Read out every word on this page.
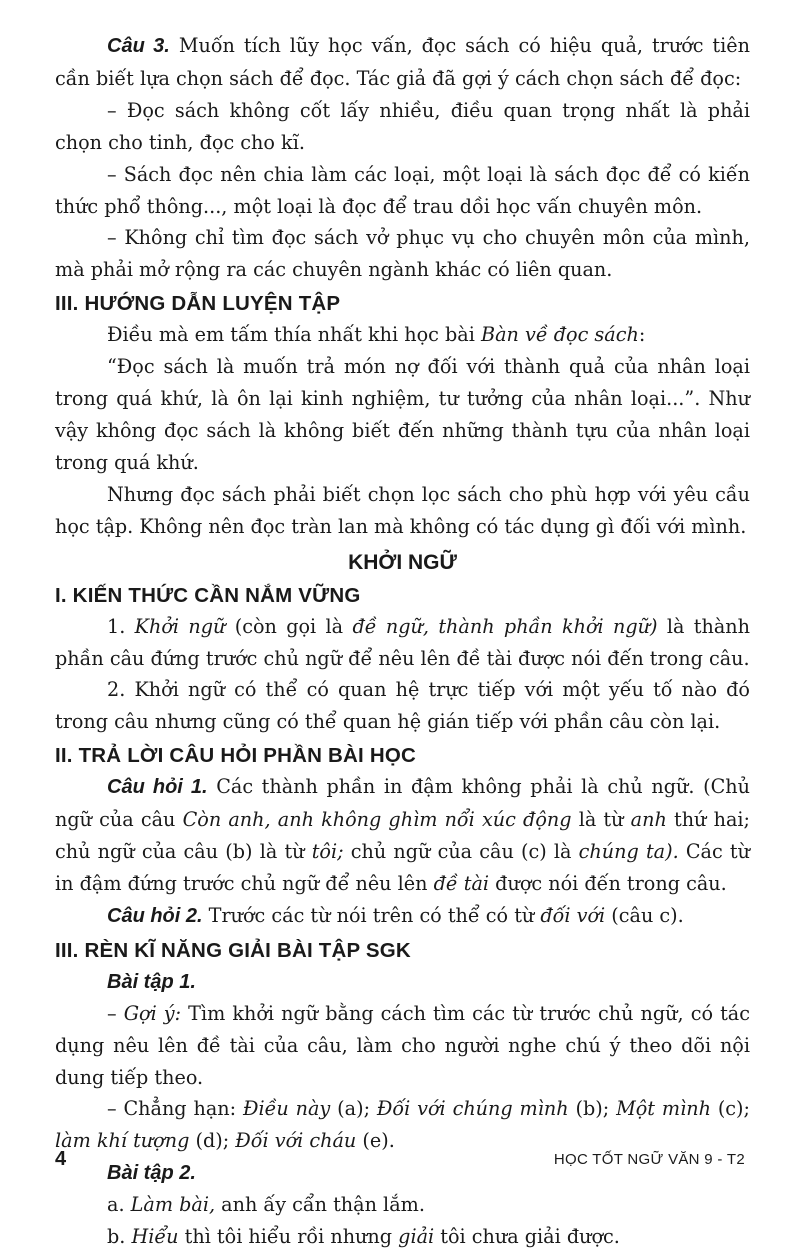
Câu 3. Muốn tích lũy học vấn, đọc sách có hiệu quả, trước tiên cần biết lựa chọn sách để đọc. Tác giả đã gợi ý cách chọn sách để đọc:

– Đọc sách không cốt lấy nhiều, điều quan trọng nhất là phải chọn cho tinh, đọc cho kĩ.

– Sách đọc nên chia làm các loại, một loại là sách đọc để có kiến thức phổ thông..., một loại là đọc để trau dồi học vấn chuyên môn.

– Không chỉ tìm đọc sách vở phục vụ cho chuyên môn của mình, mà phải mở rộng ra các chuyên ngành khác có liên quan.

III. HƯỚNG DẪN LUYỆN TẬP

Điều mà em tấm thía nhất khi học bài Bàn về đọc sách:

“Đọc sách là muốn trả món nợ đối với thành quả của nhân loại trong quá khứ, là ôn lại kinh nghiệm, tư tưởng của nhân loại...”. Như vậy không đọc sách là không biết đến những thành tựu của nhân loại trong quá khứ.

Nhưng đọc sách phải biết chọn lọc sách cho phù hợp với yêu cầu học tập. Không nên đọc tràn lan mà không có tác dụng gì đối với mình.

KHỞI NGỮ
I. KIẾN THỨC CẦN NẮM VỮNG

1. Khởi ngữ (còn gọi là đề ngữ, thành phần khởi ngữ) là thành phần câu đứng trước chủ ngữ để nêu lên đề tài được nói đến trong câu.

2. Khởi ngữ có thể có quan hệ trực tiếp với một yếu tố nào đó trong câu nhưng cũng có thể quan hệ gián tiếp với phần câu còn lại.

II. TRẢ LỜI CÂU HỎI PHẦN BÀI HỌC

Câu hỏi 1. Các thành phần in đậm không phải là chủ ngữ. (Chủ ngữ của câu Còn anh, anh không ghìm nổi xúc động là từ anh thứ hai; chủ ngữ của câu (b) là từ tôi; chủ ngữ của câu (c) là chúng ta). Các từ in đậm đứng trước chủ ngữ để nêu lên đề tài được nói đến trong câu.

Câu hỏi 2. Trước các từ nói trên có thể có từ đối với (câu c).

III. RÈN KĨ NĂNG GIẢI BÀI TẬP SGK

Bài tập 1.

– Gợi ý: Tìm khởi ngữ bằng cách tìm các từ trước chủ ngữ, có tác dụng nêu lên đề tài của câu, làm cho người nghe chú ý theo dõi nội dung tiếp theo.

– Chẳng hạn: Điều này (a); Đối với chúng mình (b); Một mình (c); làm khí tượng (d); Đối với cháu (e).

Bài tập 2.

a. Làm bài, anh ấy cẩn thận lắm.

b. Hiểu thì tôi hiểu rồi nhưng giải tôi chưa giải được.

4	HỌC TỐT NGỮ VĂN 9 - T2
